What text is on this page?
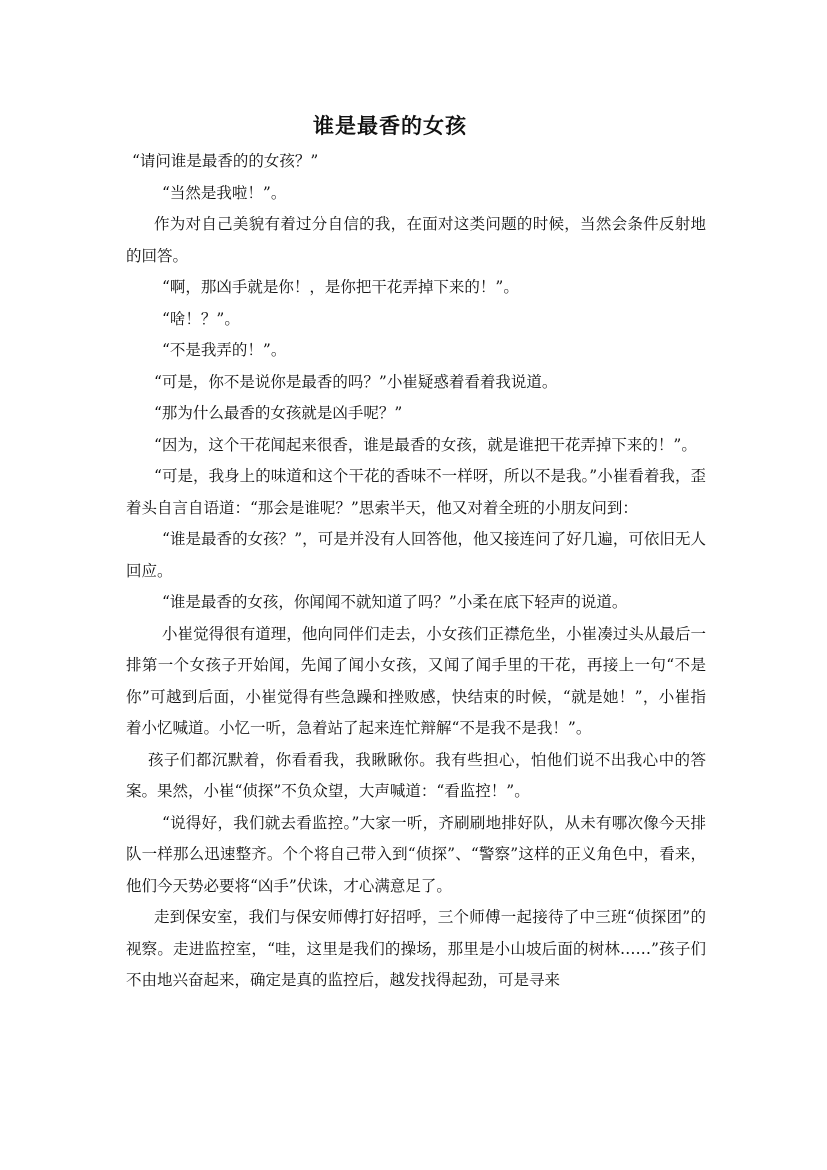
谁是最香的女孩

“请问谁是最香的的女孩？”

“当然是我啦！”。

作为对自己美貌有着过分自信的我，在面对这类问题的时候，当然会条件反射地的回答。

“啊，那凶手就是你！，是你把干花弄掉下来的！”。

“啥！？”。

“不是我弄的！”。

“可是，你不是说你是最香的吗？”小崔疑惑着看着我说道。

“那为什么最香的女孩就是凶手呢？”

“因为，这个干花闻起来很香，谁是最香的女孩，就是谁把干花弄掉下来的！”。

“可是，我身上的味道和这个干花的香味不一样呀，所以不是我。”小崔看着我，歪着头自言自语道：“那会是谁呢？”思索半天，他又对着全班的小朋友问到：

“谁是最香的女孩？”，可是并没有人回答他，他又接连问了好几遍，可依旧无人回应。

“谁是最香的女孩，你闻闻不就知道了吗？”小柔在底下轻声的说道。

小崔觉得很有道理，他向同伴们走去，小女孩们正襟危坐，小崔凑过头从最后一排第一个女孩子开始闻，先闻了闻小女孩，又闻了闻手里的干花，再接上一句“不是你”可越到后面，小崔觉得有些急躁和挫败感，快结束的时候，“就是她！”，小崔指着小忆喊道。小忆一听，急着站了起来连忙辩解“不是我不是我！”。

孩子们都沉默着，你看看我，我瞅瞅你。我有些担心，怕他们说不出我心中的答案。果然，小崔“侦探”不负众望，大声喊道：“看监控！”。

“说得好，我们就去看监控。”大家一听，齐刷刷地排好队，从未有哪次像今天排队一样那么迅速整齐。个个将自己带入到“侦探”、“警察”这样的正义角色中，看来，他们今天势必要将“凶手”伏诛，才心满意足了。

走到保安室，我们与保安师傅打好招呼，三个师傅一起接待了中三班“侦探团”的视察。走进监控室，“哇，这里是我们的操场，那里是小山坡后面的树林……”孩子们不由地兴奋起来，确定是真的监控后，越发找得起劲，可是寻来
